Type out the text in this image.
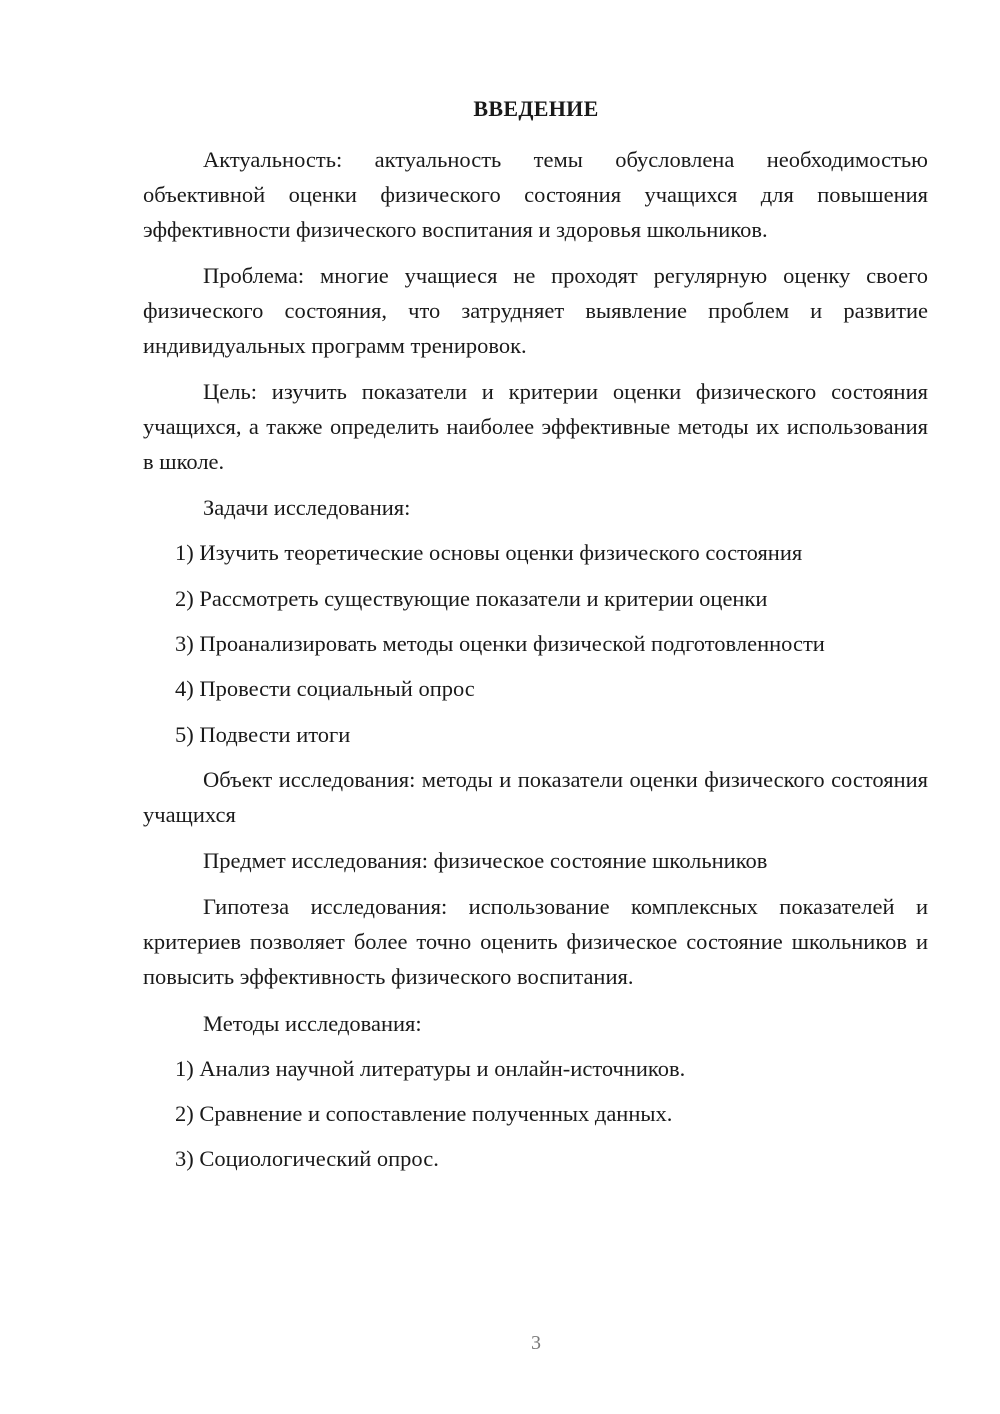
ВВЕДЕНИЕ
Актуальность: актуальность темы обусловлена необходимостью объективной оценки физического состояния учащихся для повышения эффективности физического воспитания и здоровья школьников.
Проблема: многие учащиеся не проходят регулярную оценку своего физического состояния, что затрудняет выявление проблем и развитие индивидуальных программ тренировок.
Цель: изучить показатели и критерии оценки физического состояния учащихся, а также определить наиболее эффективные методы их использования в школе.
Задачи исследования:
1) Изучить теоретические основы оценки физического состояния
2) Рассмотреть существующие показатели и критерии оценки
3) Проанализировать методы оценки физической подготовленности
4) Провести социальный опрос
5) Подвести итоги
Объект исследования: методы и показатели оценки физического состояния учащихся
Предмет исследования: физическое состояние школьников
Гипотеза исследования: использование комплексных показателей и критериев позволяет более точно оценить физическое состояние школьников и повысить эффективность физического воспитания.
Методы исследования:
1) Анализ научной литературы и онлайн-источников.
2) Сравнение и сопоставление полученных данных.
3) Социологический опрос.
3
